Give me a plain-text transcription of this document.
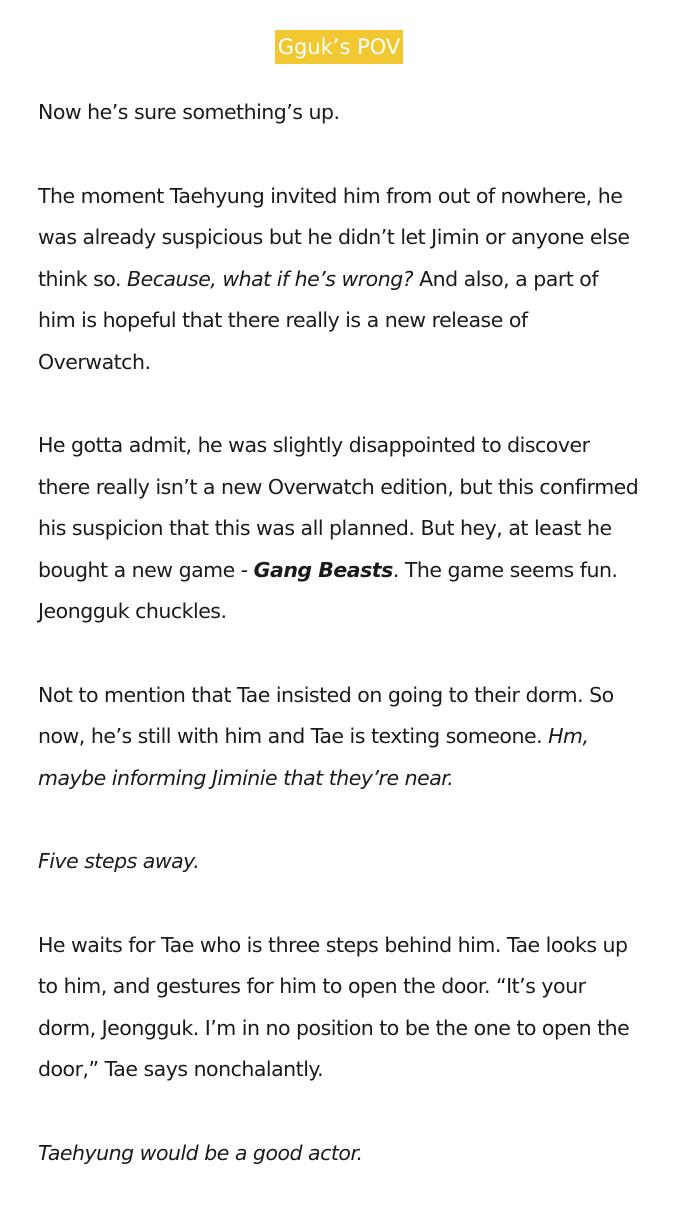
Gguk’s POV

Now he’s sure something’s up.

The moment Taehyung invited him from out of nowhere, he was already suspicious but he didn’t let Jimin or anyone else think so. Because, what if he’s wrong? And also, a part of him is hopeful that there really is a new release of Overwatch.

He gotta admit, he was slightly disappointed to discover there really isn’t a new Overwatch edition, but this confirmed his suspicion that this was all planned. But hey, at least he bought a new game - Gang Beasts. The game seems fun. Jeongguk chuckles.

Not to mention that Tae insisted on going to their dorm. So now, he’s still with him and Tae is texting someone. Hm, maybe informing Jiminie that they’re near.

Five steps away.

He waits for Tae who is three steps behind him. Tae looks up to him, and gestures for him to open the door. “It’s your dorm, Jeongguk. I’m in no position to be the one to open the door,” Tae says nonchalantly.

Taehyung would be a good actor.
